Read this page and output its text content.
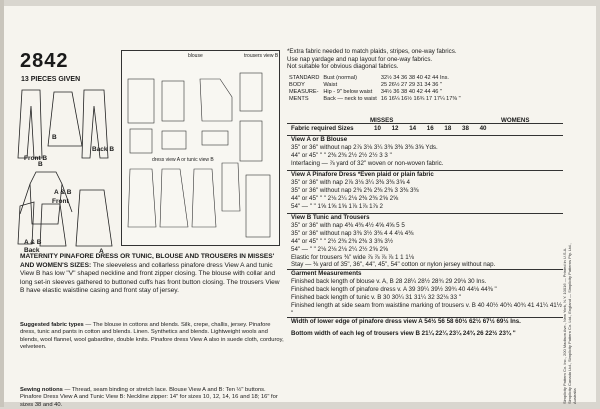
2842
13 PIECES GIVEN
Front B
B
Back B
B
A & B
Front
A & B
Back	A
blouse	trousers view B
dress view A or tunic view B
MATERNITY PINAFORE DRESS OR TUNIC, BLOUSE AND TROUSERS IN MISSES' AND WOMEN'S SIZES: The sleeveless and collarless pinafore dress View A and tunic View B has low "V" shaped neckline and front zipper closing. The blouse with collar and long set-in sleeves gathered to buttoned cuffs has front button closing. The trousers View B have elastic waistline casing and front stay of jersey.
Suggested fabric types — The blouse in cottons and blends. Silk, crepe, challis, jersey. Pinafore dress, tunic and pants in cotton and blends. Linen. Synthetics and blends. Lightweight wools and blends, wool flannel, wool gabardine, double knits. Pinafore dress View A also in suede cloth, corduroy, velveteen.
Sewing notions — Thread, seam binding or stretch lace. Blouse View A and B: Ten ½" buttons. Pinafore Dress View A and Tunic View B: Neckline zipper: 14" for sizes 10, 12, 14, 16 and 18; 16" for sizes 38 and 40.
*Extra fabric needed to match plaids, stripes, one-way fabrics.
Use nap yardage and nap layout for one-way fabrics.
Not suitable for obvious diagonal fabrics.
STANDARD	Bust (normal)	32½ 34 36 38 40 42 44 Ins.
BODY	Waist	25 26½ 27 29 31 34 36 "
MEASURE-	Hip - 9" below waist	34½ 36 38 40 42 44 46 "
MENTS	Back — neck to waist	16 16¼ 16½ 16¾ 17 17¼ 17⅜ "
MISSES	WOMENS
Fabric required Sizes	10 12 14 16 18 38 40
View A or B Blouse
35" or 36" without nap 2⅞ 3⅛ 3¼ 3⅜ 3⅜ 3⅜ 3⅝ Yds.
44" or 45" " " 2⅜ 2⅜ 2½ 2½ 2½ 3 3 "
Interfacing — ⅞ yard of 32" woven or non-woven fabric.
View A Pinafore Dress *Even plaid or plain fabric
35" or 36" with nap 2⅞ 3⅛ 3¼ 3⅜ 3⅜ 3⅝ 4
35" or 36" without nap 2⅜ 2⅜ 2⅜ 2⅜ 3 3⅜ 3⅜
44" or 45" " " 2⅛ 2¼ 2⅛ 2⅜ 2⅜ 2⅝ 2⅝
54" — " " 1⅝ 1⅝ 1⅝ 1⅞ 1⅞ 1⅞ 2
View B Tunic and Trousers
35" or 36" with nap 4⅜ 4⅜ 4½ 4⅝ 4⅝ 5 5
35" or 36" without nap 3⅜ 3½ 3⅜ 4 4 4⅛ 4⅜
44" or 45" " " 2½ 2⅜ 2⅜ 2⅜ 3 3⅜ 3½
54" — " " 2⅛ 2⅛ 2⅛ 2¼ 2½ 2⅝ 2⅝
Elastic for trousers ⅜" wide ⅞ ⅞ ⅞ ⅞ 1 1 1⅛
Stay — ⅜ yard of 35", 36", 44", 45", 54" cotton or nylon jersey without nap.
Garment Measurements
Finished back length of blouse v. A, B 28 28¼ 28½ 28¾ 29 29⅛ 30 Ins.
Finished back length of pinafore dress v. A 39 39¼ 39½ 39¾ 40 44⅛ 44⅜ "
Finished back length of tunic v. B 30 30¼ 31 31¼ 32 32⅛ 33 "
Finished length at side seam from waistline marking of trousers v. B 40 40½ 40¾ 40¾ 41 41¼ 41½ "
Width of lower edge of pinafore dress view A 54½ 56 58 60½ 62½ 67½ 69½ Ins.
Bottom width of each leg of trousers view B 21¼ 22¼ 23¼ 24¾ 26 22½ 23¾ "	Simplicity Pattern Co. Inc., 200 Madison Ave., New York, N.Y. 10016 — Printed in U.S.A. Simplicity Canada Ltd., Simplicity Pattern Co. Ltd., England — Simplicity Patterns Pty. Ltd., Australia
